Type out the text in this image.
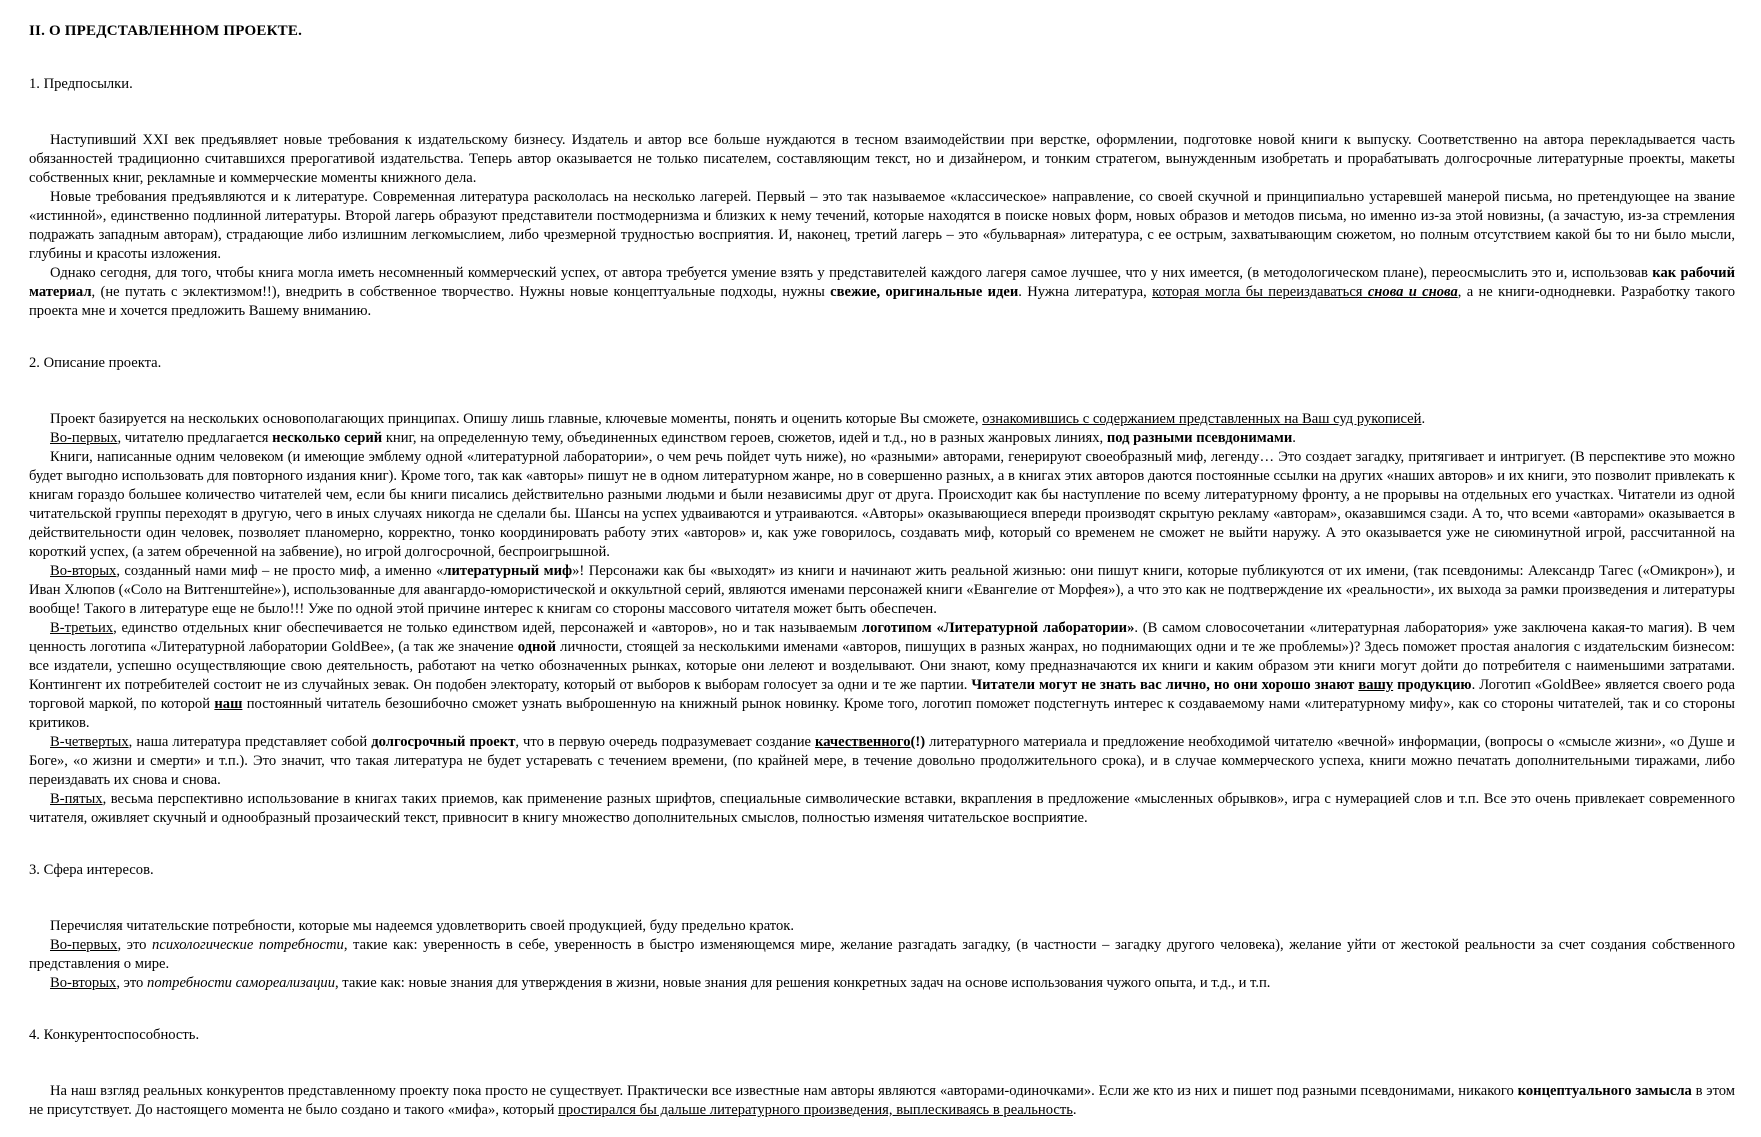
II. О ПРЕДСТАВЛЕННОМ ПРОЕКТЕ.
1. Предпосылки.

Наступивший XXI век предъявляет новые требования к издательскому бизнесу. Издатель и автор все больше нуждаются в тесном взаимодействии при верстке, оформлении, подготовке новой книги к выпуску. Соответственно на автора перекладывается часть обязанностей традиционно считавшихся прерогативой издательства. Теперь автор оказывается не только писателем, составляющим текст, но и дизайнером, и тонким стратегом, вынужденным изобретать и прорабатывать долгосрочные литературные проекты, макеты собственных книг, рекламные и коммерческие моменты книжного дела.

Новые требования предъявляются и к литературе. Современная литература раскололась на несколько лагерей. Первый – это так называемое «классическое» направление, со своей скучной и принципиально устаревшей манерой письма, но претендующее на звание «истинной», единственно подлинной литературы. Второй лагерь образуют представители постмодернизма и близких к нему течений, которые находятся в поиске новых форм, новых образов и методов письма, но именно из-за этой новизны, (а зачастую, из-за стремления подражать западным авторам), страдающие либо излишним легкомыслием, либо чрезмерной трудностью восприятия. И, наконец, третий лагерь – это «бульварная» литература, с ее острым, захватывающим сюжетом, но полным отсутствием какой бы то ни было мысли, глубины и красоты изложения.

Однако сегодня, для того, чтобы книга могла иметь несомненный коммерческий успех, от автора требуется умение взять у представителей каждого лагеря самое лучшее, что у них имеется, (в методологическом плане), переосмыслить это и, использовав как рабочий материал, (не путать с эклектизмом!!), внедрить в собственное творчество. Нужны новые концептуальные подходы, нужны свежие, оригинальные идеи. Нужна литература, которая могла бы переиздаваться снова и снова, а не книги-однодневки. Разработку такого проекта мне и хочется предложить Вашему вниманию.

2. Описание проекта.

Проект базируется на нескольких основополагающих принципах. Опишу лишь главные, ключевые моменты, понять и оценить которые Вы сможете, ознакомившись с содержанием представленных на Ваш суд рукописей.

Во-первых, читателю предлагается несколько серий книг, на определенную тему, объединенных единством героев, сюжетов, идей и т.д., но в разных жанровых линиях, под разными псевдонимами.

Книги, написанные одним человеком (и имеющие эмблему одной «литературной лаборатории», о чем речь пойдет чуть ниже), но «разными» авторами, генерируют своеобразный миф, легенду… Это создает загадку, притягивает и интригует. (В перспективе это можно будет выгодно использовать для повторного издания книг). Кроме того, так как «авторы» пишут не в одном литературном жанре, но в совершенно разных, а в книгах этих авторов даются постоянные ссылки на других «наших авторов» и их книги, это позволит привлекать к книгам гораздо большее количество читателей чем, если бы книги писались действительно разными людьми и были независимы друг от друга. Происходит как бы наступление по всему литературному фронту, а не прорывы на отдельных его участках. Читатели из одной читательской группы переходят в другую, чего в иных случаях никогда не сделали бы. Шансы на успех удваиваются и утраиваются. «Авторы» оказывающиеся впереди производят скрытую рекламу «авторам», оказавшимся сзади. А то, что всеми «авторами» оказывается в действительности один человек, позволяет планомерно, корректно, тонко координировать работу этих «авторов» и, как уже говорилось, создавать миф, который со временем не сможет не выйти наружу. А это оказывается уже не сиюминутной игрой, рассчитанной на короткий успех, (а затем обреченной на забвение), но игрой долгосрочной, беспроигрышной.

Во-вторых, созданный нами миф – не просто миф, а именно «литературный миф»! Персонажи как бы «выходят» из книги и начинают жить реальной жизнью: они пишут книги, которые публикуются от их имени, (так псевдонимы: Александр Тагес («Омикрон»), и Иван Хлюпов («Соло на Витгенштейне»), использованные для авангардо-юмористической и оккультной серий, являются именами персонажей книги «Евангелие от Морфея»), а что это как не подтверждение их «реальности», их выхода за рамки произведения и литературы вообще! Такого в литературе еще не было!!! Уже по одной этой причине интерес к книгам со стороны массового читателя может быть обеспечен.

В-третьих, единство отдельных книг обеспечивается не только единством идей, персонажей и «авторов», но и так называемым логотипом «Литературной лаборатории». (В самом словосочетании «литературная лаборатория» уже заключена какая-то магия). В чем ценность логотипа «Литературной лаборатории GoldBee», (а так же значение одной личности, стоящей за несколькими именами «авторов, пишущих в разных жанрах, но поднимающих одни и те же проблемы»)? Здесь поможет простая аналогия с издательским бизнесом: все издатели, успешно осуществляющие свою деятельность, работают на четко обозначенных рынках, которые они лелеют и возделывают. Они знают, кому предназначаются их книги и каким образом эти книги могут дойти до потребителя с наименьшими затратами. Контингент их потребителей состоит не из случайных зевак. Он подобен электорату, который от выборов к выборам голосует за одни и те же партии. Читатели могут не знать вас лично, но они хорошо знают вашу продукцию. Логотип «GoldBee» является своего рода торговой маркой, по которой наш постоянный читатель безошибочно сможет узнать выброшенную на книжный рынок новинку. Кроме того, логотип поможет подстегнуть интерес к создаваемому нами «литературному мифу», как со стороны читателей, так и со стороны критиков.

В-четвертых, наша литература представляет собой долгосрочный проект, что в первую очередь подразумевает создание качественного(!) литературного материала и предложение необходимой читателю «вечной» информации, (вопросы о «смысле жизни», «о Душе и Боге», «о жизни и смерти» и т.п.). Это значит, что такая литература не будет устаревать с течением времени, (по крайней мере, в течение довольно продолжительного срока), и в случае коммерческого успеха, книги можно печатать дополнительными тиражами, либо переиздавать их снова и снова.

В-пятых, весьма перспективно использование в книгах таких приемов, как применение разных шрифтов, специальные символические вставки, вкрапления в предложение «мысленных обрывков», игра с нумерацией слов и т.п. Все это очень привлекает современного читателя, оживляет скучный и однообразный прозаический текст, привносит в книгу множество дополнительных смыслов, полностью изменяя читательское восприятие.

3. Сфера интересов.

Перечисляя читательские потребности, которые мы надеемся удовлетворить своей продукцией, буду предельно краток.

Во-первых, это психологические потребности, такие как: уверенность в себе, уверенность в быстро изменяющемся мире, желание разгадать загадку, (в частности – загадку другого человека), желание уйти от жестокой реальности за счет создания собственного представления о мире.

Во-вторых, это потребности самореализации, такие как: новые знания для утверждения в жизни, новые знания для решения конкретных задач на основе использования чужого опыта, и т.д., и т.п.

4. Конкурентоспособность.

На наш взгляд реальных конкурентов представленному проекту пока просто не существует. Практически все известные нам авторы являются «авторами-одиночками». Если же кто из них и пишет под разными псевдонимами, никакого концептуального замысла в этом не присутствует. До настоящего момента не было создано и такого «мифа», который простирался бы дальше литературного произведения, выплескиваясь в реальность.
